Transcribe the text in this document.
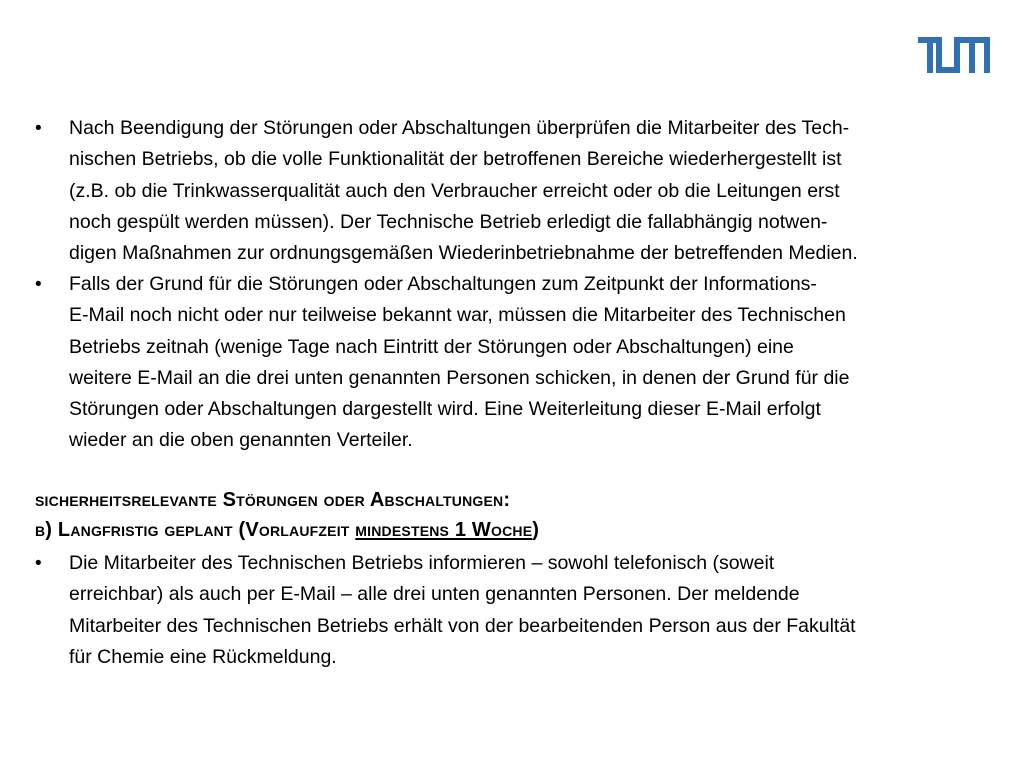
• Nach Beendigung der Störungen oder Abschaltungen überprüfen die Mitarbeiter des Tech-
nischen Betriebs, ob die volle Funktionalität der betroffenen Bereiche wiederhergestellt ist
(z.B. ob die Trinkwasserqualität auch den Verbraucher erreicht oder ob die Leitungen erst
noch gespült werden müssen). Der Technische Betrieb erledigt die fallabhängig notwen-
digen Maßnahmen zur ordnungsgemäßen Wiederinbetriebnahme der betreffenden Medien.
• Falls der Grund für die Störungen oder Abschaltungen zum Zeitpunkt der Informations-
E-Mail noch nicht oder nur teilweise bekannt war, müssen die Mitarbeiter des Technischen
Betriebs zeitnah (wenige Tage nach Eintritt der Störungen oder Abschaltungen) eine
weitere E-Mail an die drei unten genannten Personen schicken, in denen der Grund für die
Störungen oder Abschaltungen dargestellt wird. Eine Weiterleitung dieser E-Mail erfolgt
wieder an die oben genannten Verteiler.
sicherheitsrelevante Störungen oder Abschaltungen:
b) Langfristig geplant (Vorlaufzeit mindestens 1 Woche)
• Die Mitarbeiter des Technischen Betriebs informieren – sowohl telefonisch (soweit
erreichbar) als auch per E-Mail – alle drei unten genannten Personen. Der meldende
Mitarbeiter des Technischen Betriebs erhält von der bearbeitenden Person aus der Fakultät
für Chemie eine Rückmeldung.
